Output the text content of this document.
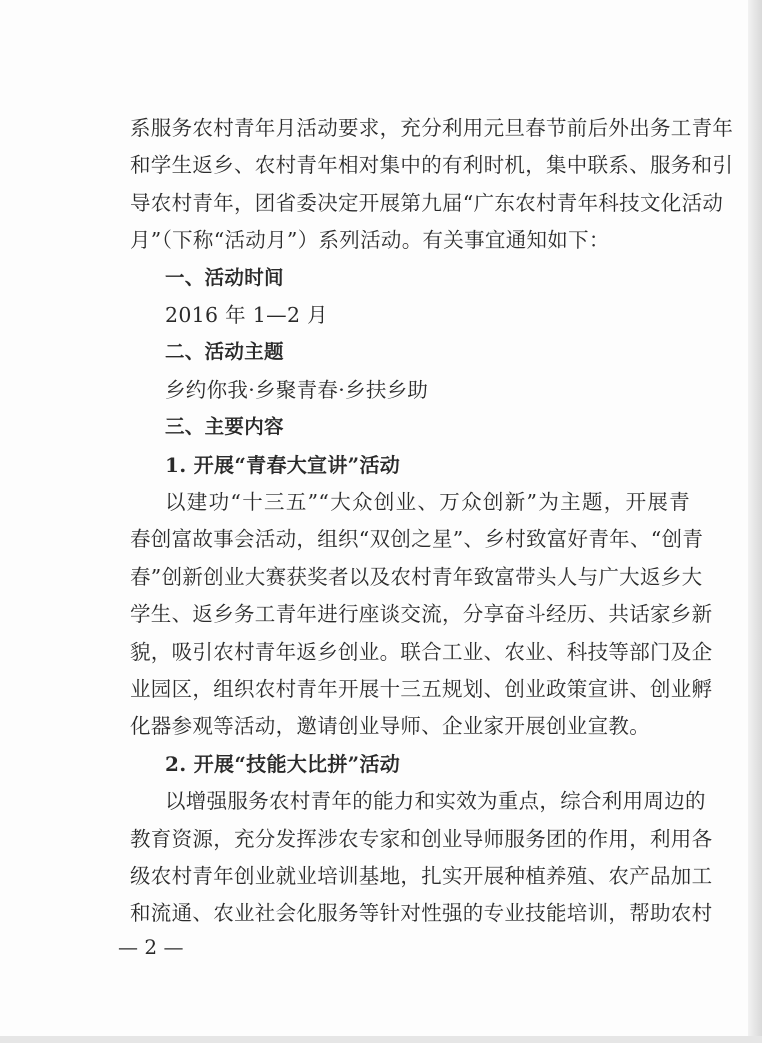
系服务农村青年月活动要求，充分利用元旦春节前后外出务工青年
和学生返乡、农村青年相对集中的有利时机，集中联系、服务和引
导农村青年，团省委决定开展第九届“广东农村青年科技文化活动
月”（下称“活动月”）系列活动。有关事宜通知如下：
一、活动时间
2016 年 1—2 月
二、活动主题
乡约你我·乡聚青春·乡扶乡助
三、主要内容
1. 开展“青春大宣讲”活动
以建功“十三五”“大众创业、万众创新”为主题，开展青
春创富故事会活动，组织“双创之星”、乡村致富好青年、“创青
春”创新创业大赛获奖者以及农村青年致富带头人与广大返乡大
学生、返乡务工青年进行座谈交流，分享奋斗经历、共话家乡新
貌，吸引农村青年返乡创业。联合工业、农业、科技等部门及企
业园区，组织农村青年开展十三五规划、创业政策宣讲、创业孵
化器参观等活动，邀请创业导师、企业家开展创业宣教。
2. 开展“技能大比拼”活动
以增强服务农村青年的能力和实效为重点，综合利用周边的
教育资源，充分发挥涉农专家和创业导师服务团的作用，利用各
级农村青年创业就业培训基地，扎实开展种植养殖、农产品加工
和流通、农业社会化服务等针对性强的专业技能培训，帮助农村
— 2 —
